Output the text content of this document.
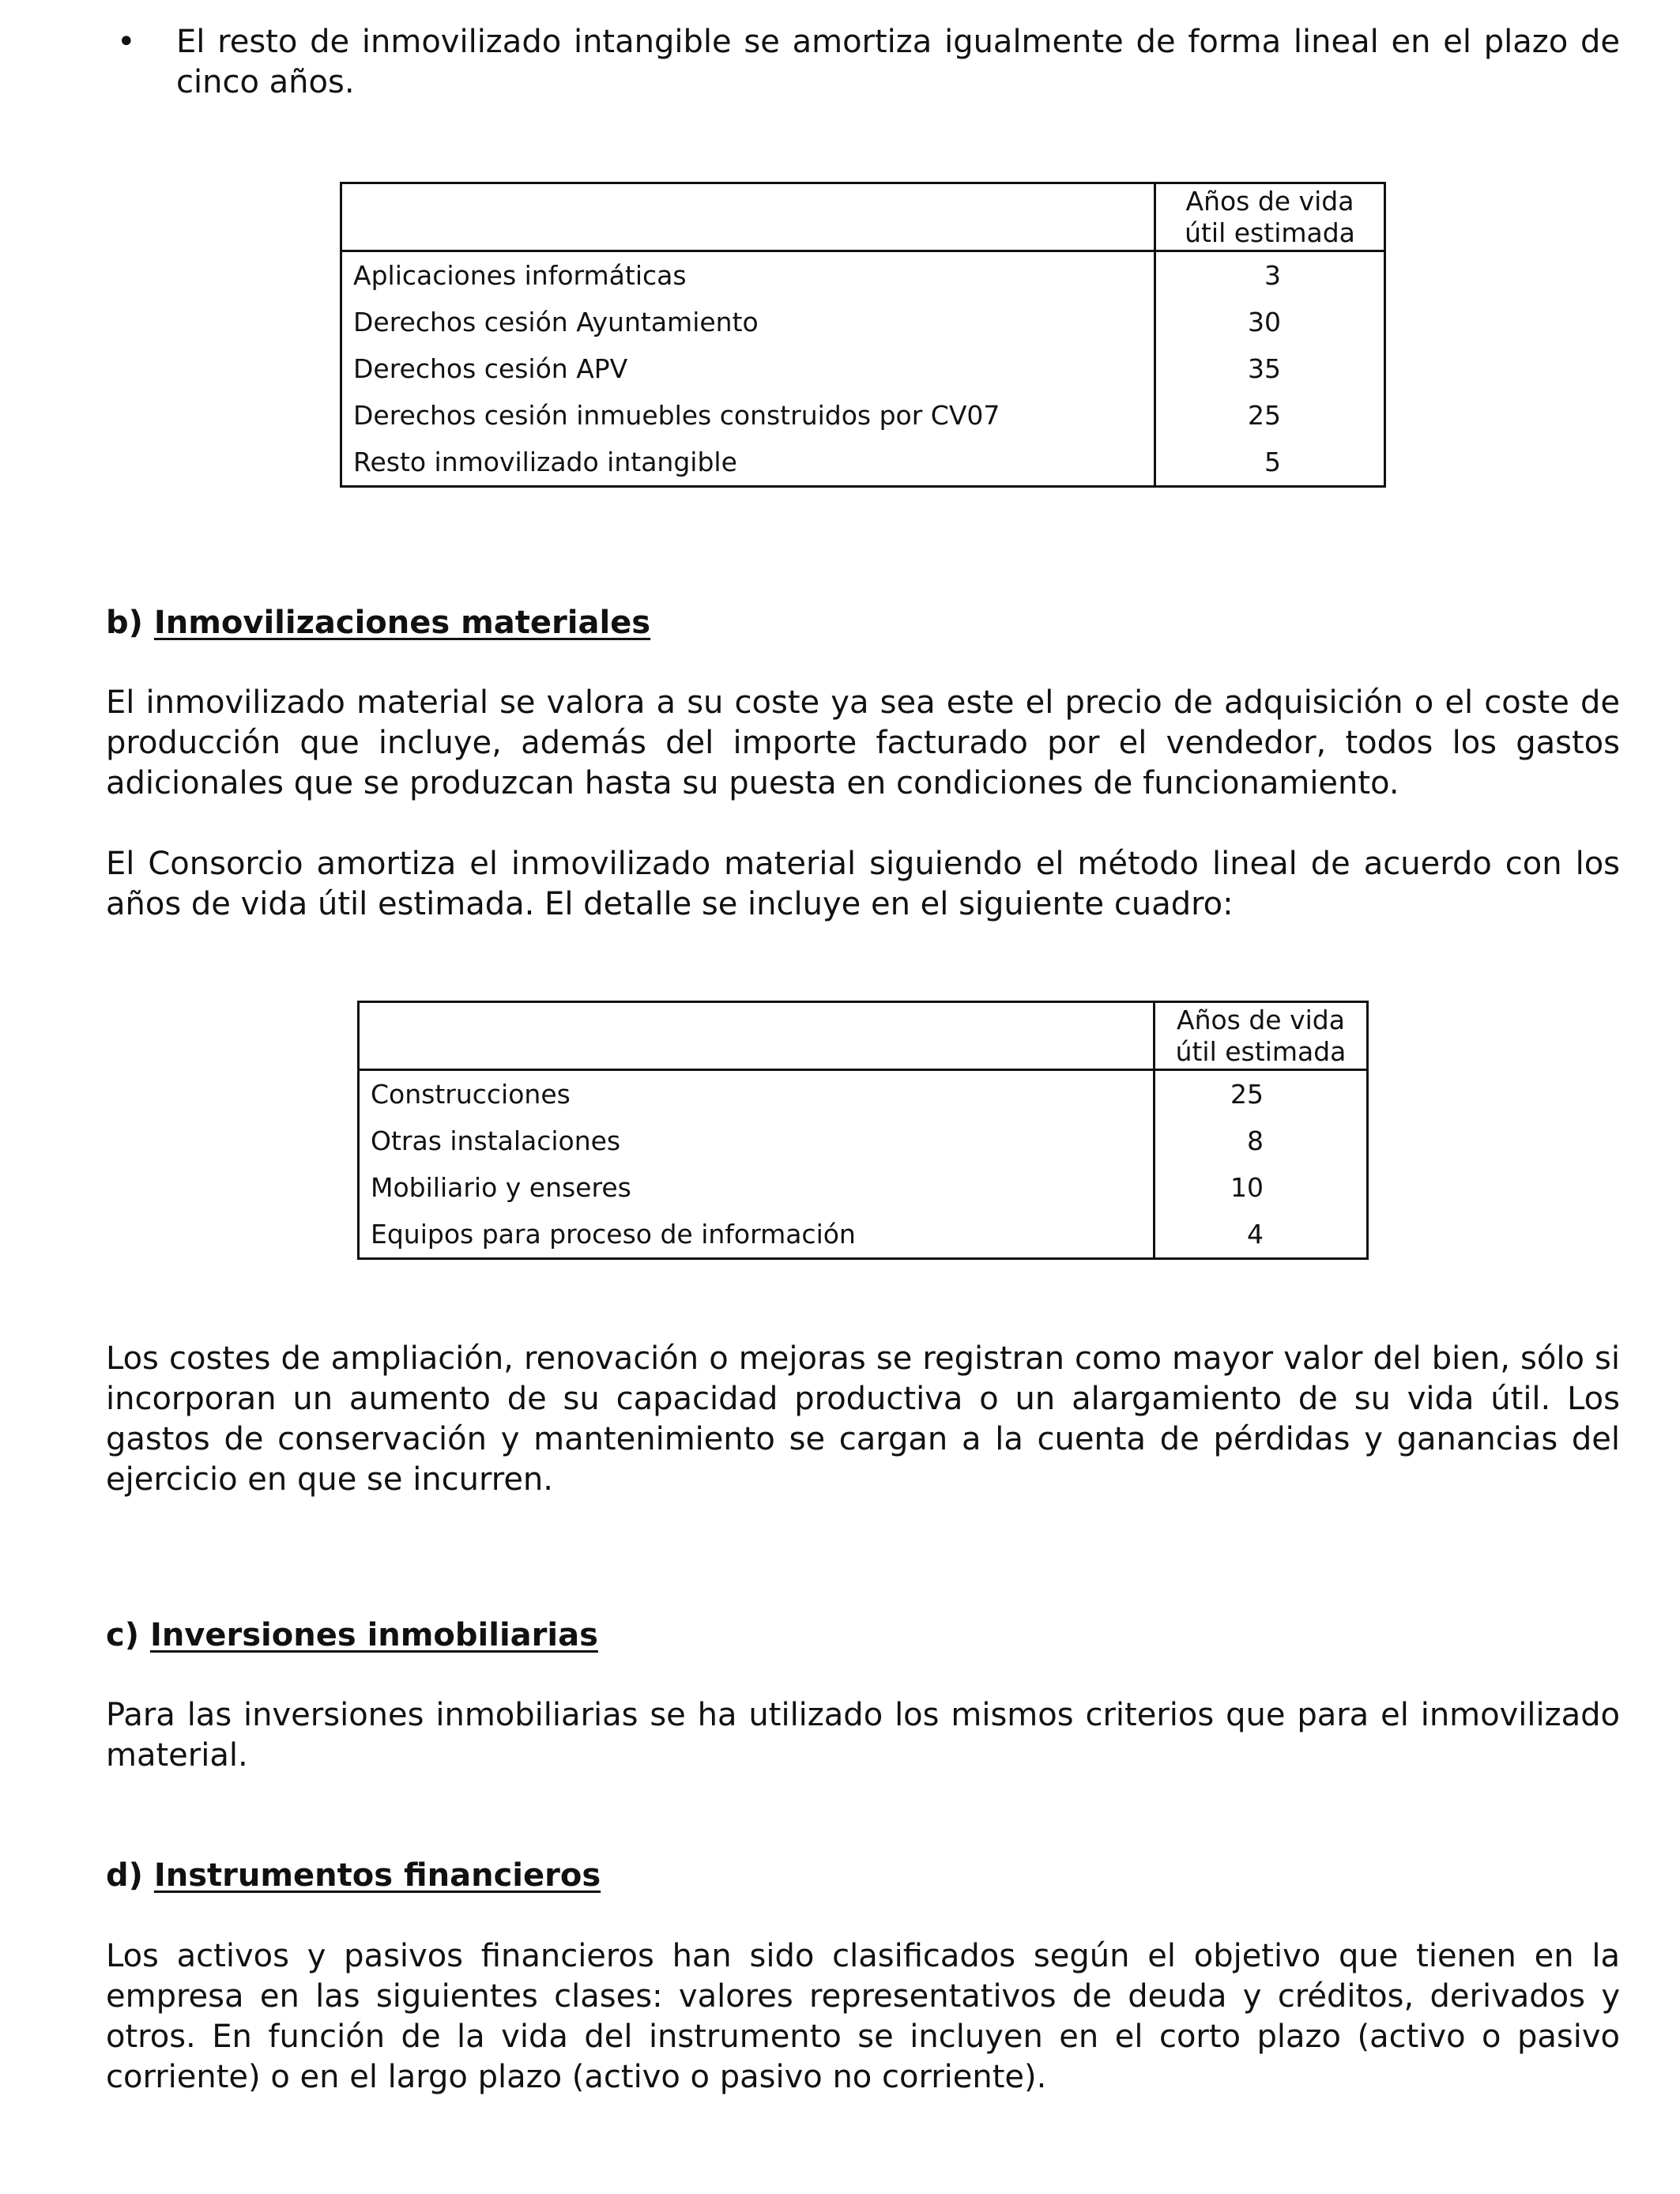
• El resto de inmovilizado intangible se amortiza igualmente de forma lineal en el plazo de cinco años.
	Años de vida
útil estimada
Aplicaciones informáticas	3
Derechos cesión Ayuntamiento	30
Derechos cesión APV	35
Derechos cesión inmuebles construidos por CV07	25
Resto inmovilizado intangible	5
b) Inmovilizaciones materiales
El inmovilizado material se valora a su coste ya sea este el precio de adquisición o el coste de producción que incluye, además del importe facturado por el vendedor, todos los gastos adicionales que se produzcan hasta su puesta en condiciones de funcionamiento.
El Consorcio amortiza el inmovilizado material siguiendo el método lineal de acuerdo con los años de vida útil estimada. El detalle se incluye en el siguiente cuadro:
	Años de vida
útil estimada
Construcciones	25
Otras instalaciones	8
Mobiliario y enseres	10
Equipos para proceso de información	4
Los costes de ampliación, renovación o mejoras se registran como mayor valor del bien, sólo si incorporan un aumento de su capacidad productiva o un alargamiento de su vida útil. Los gastos de conservación y mantenimiento se cargan a la cuenta de pérdidas y ganancias del ejercicio en que se incurren.
c) Inversiones inmobiliarias
Para las inversiones inmobiliarias se ha utilizado los mismos criterios que para el inmovilizado material.
d) Instrumentos financieros
Los activos y pasivos financieros han sido clasificados según el objetivo que tienen en la empresa en las siguientes clases: valores representativos de deuda y créditos, derivados y otros. En función de la vida del instrumento se incluyen en el corto plazo (activo o pasivo corriente) o en el largo plazo (activo o pasivo no corriente).
